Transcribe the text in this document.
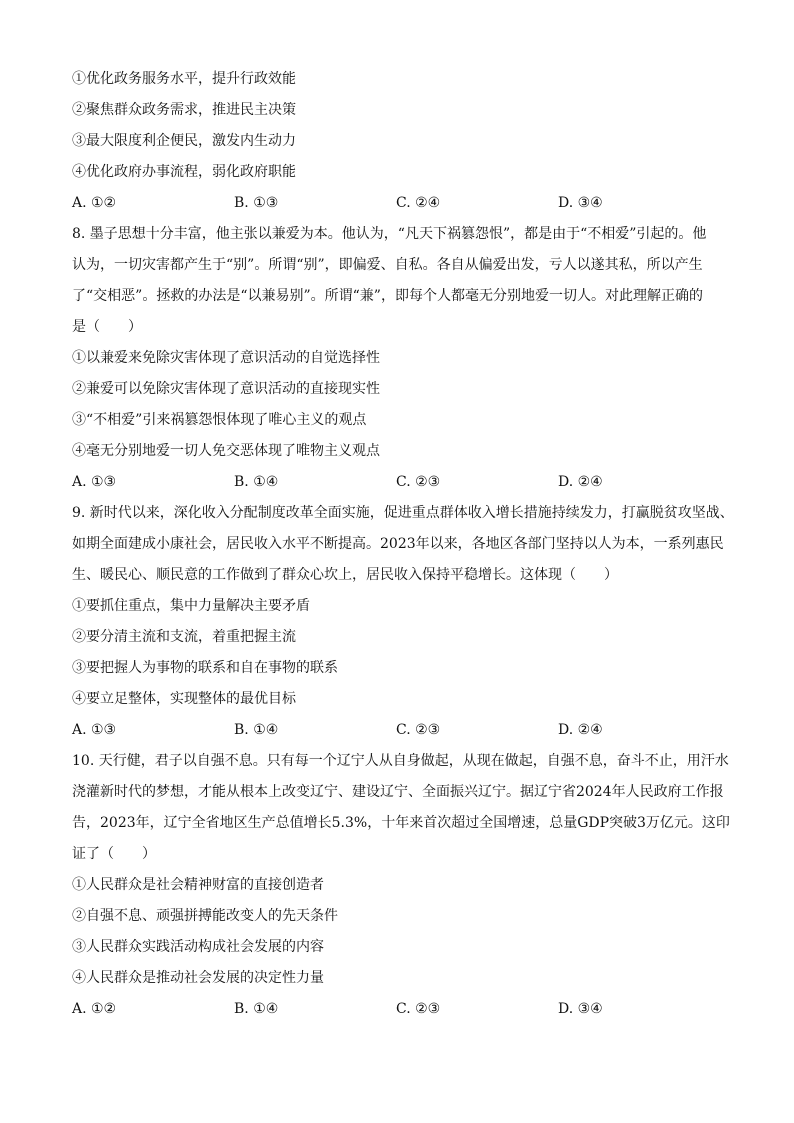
①优化政务服务水平，提升行政效能
②聚焦群众政务需求，推进民主决策
③最大限度利企便民，激发内生动力
④优化政府办事流程，弱化政府职能
A. ①②	B. ①③	C. ②④	D. ③④
8. 墨子思想十分丰富，他主张以兼爱为本。他认为，“凡天下祸篡怨恨”，都是由于“不相爱”引起的。他
认为，一切灾害都产生于“别”。所谓“别”，即偏爱、自私。各自从偏爱出发，亏人以遂其私，所以产生
了“交相恶”。拯救的办法是“以兼易别”。所谓“兼”，即每个人都毫无分别地爱一切人。对此理解正确的
是（　　）
①以兼爱来免除灾害体现了意识活动的自觉选择性
②兼爱可以免除灾害体现了意识活动的直接现实性
③“不相爱”引来祸篡怨恨体现了唯心主义的观点
④毫无分别地爱一切人免交恶体现了唯物主义观点
A. ①③	B. ①④	C. ②③	D. ②④
9. 新时代以来，深化收入分配制度改革全面实施，促进重点群体收入增长措施持续发力，打赢脱贫攻坚战、
如期全面建成小康社会，居民收入水平不断提高。2023年以来，各地区各部门坚持以人为本，一系列惠民
生、暖民心、顺民意的工作做到了群众心坎上，居民收入保持平稳增长。这体现（　　）
①要抓住重点，集中力量解决主要矛盾
②要分清主流和支流，着重把握主流
③要把握人为事物的联系和自在事物的联系
④要立足整体，实现整体的最优目标
A. ①③	B. ①④	C. ②③	D. ②④
10. 天行健，君子以自强不息。只有每一个辽宁人从自身做起，从现在做起，自强不息，奋斗不止，用汗水
浇灌新时代的梦想，才能从根本上改变辽宁、建设辽宁、全面振兴辽宁。据辽宁省2024年人民政府工作报
告，2023年，辽宁全省地区生产总值增长5.3%，十年来首次超过全国增速，总量GDP突破3万亿元。这印
证了（　　）
①人民群众是社会精神财富的直接创造者
②自强不息、顽强拼搏能改变人的先天条件
③人民群众实践活动构成社会发展的内容
④人民群众是推动社会发展的决定性力量
A. ①②	B. ①④	C. ②③	D. ③④
